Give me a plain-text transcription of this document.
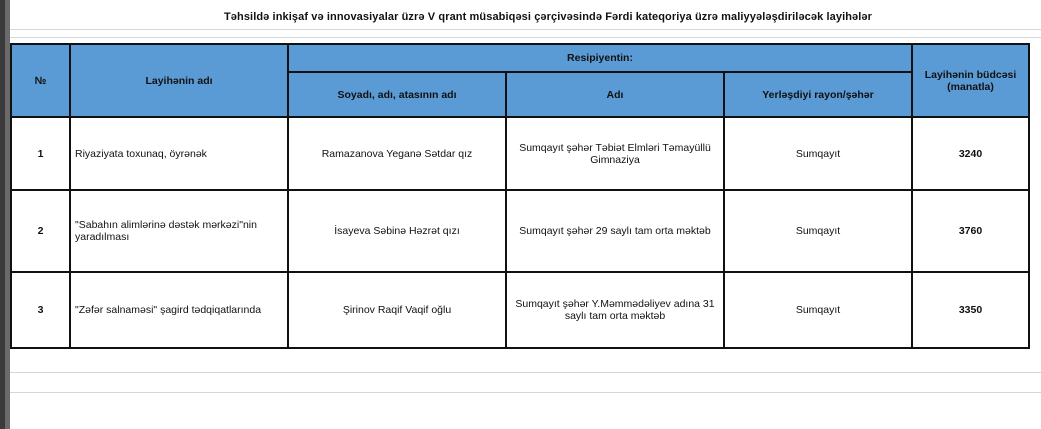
Təhsildə inkişaf və innovasiyalar üzrə V qrant müsabiqəsi çərçivəsində Fərdi kateqoriya üzrə maliyyələşdiriləcək layihələr
№	Layihənin adı	Resipiyentin:			Layihənin büdcəsi (manatla)
		Soyadı, adı, atasının adı	Adı	Yerləşdiyi rayon/şəhər	
1	Riyaziyata toxunaq, öyrənək	Ramazanova Yeganə Sətdar qız	Sumqayıt şəhər Təbiət Elmləri Təmayüllü Gimnaziya	Sumqayıt	3240
2	"Sabahın alimlərinə dəstək mərkəzi"nin yaradılması	İsayeva Səbinə Həzrət qızı	Sumqayıt şəhər 29 saylı tam orta məktəb	Sumqayıt	3760
3	"Zəfər salnaməsi" şagird tədqiqatlarında	Şirinov Raqif Vaqif oğlu	Sumqayıt şəhər Y.Məmmədəliyev adına 31 saylı tam orta məktəb	Sumqayıt	3350
